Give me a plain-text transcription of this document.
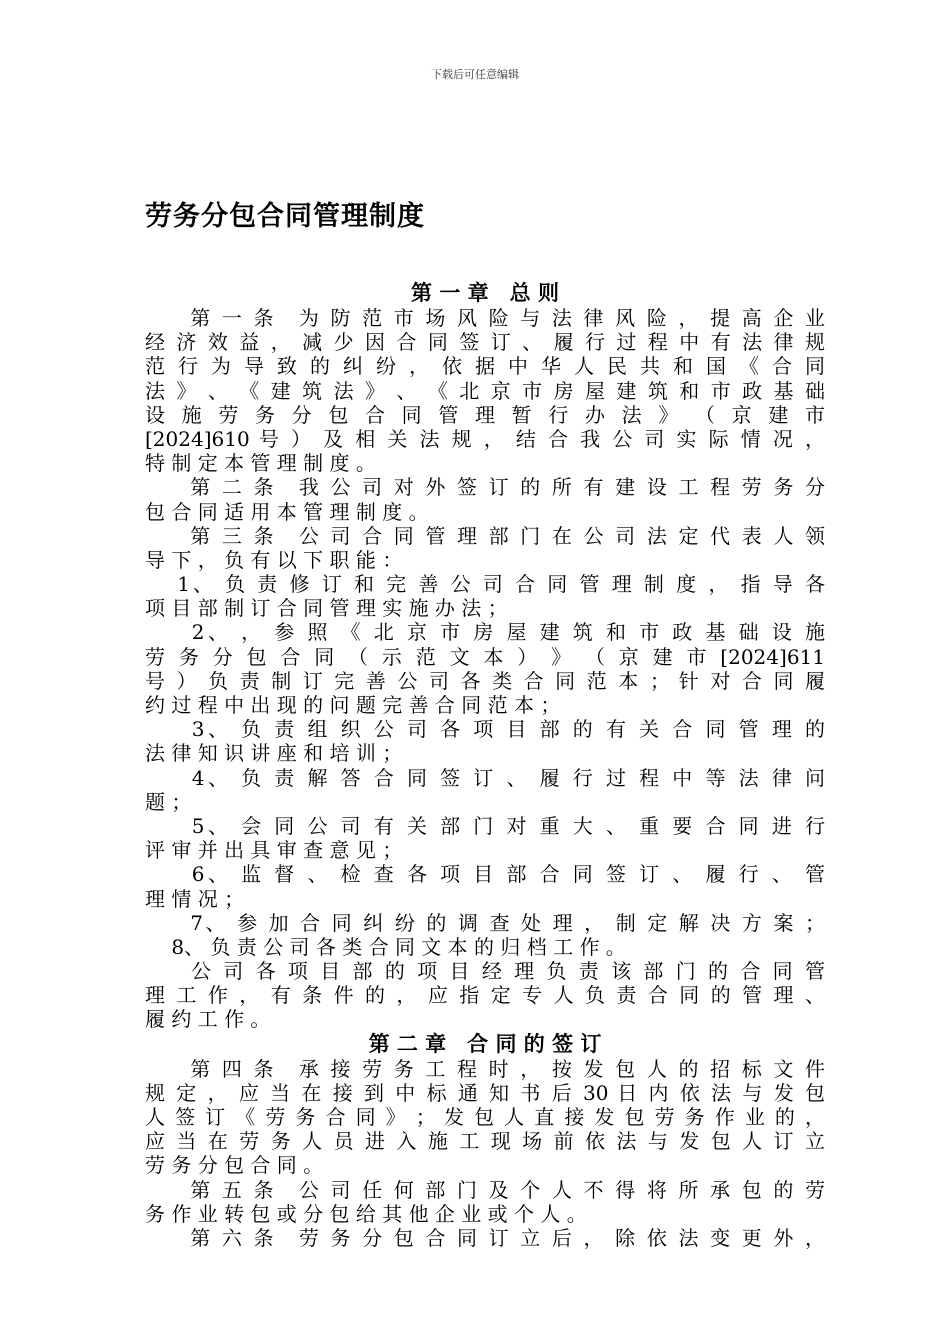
下载后可任意编辑
劳务分包合同管理制度
第 一 章　总 则
　　第 一 条　为 防 范 市 场 风 险 与 法 律 风 险 ， 提 高 企 业
经 济 效 益 ， 减 少 因 合 同 签 订 、 履 行 过 程 中 有 法 律 规
范 行 为 导 致 的 纠 纷 ， 依 据 中 华 人 民 共 和 国 《 合 同
法 》 、 《 建 筑 法 》 、 《 北 京 市 房 屋 建 筑 和 市 政 基 础
设 施 劳 务 分 包 合 同 管 理 暂 行 办 法 》 （ 京 建 市
[2024]610 号 ） 及 相 关 法 规 ， 结 合 我 公 司 实 际 情 况 ，
特 制 定 本 管 理 制 度 。
　　第 二 条　我 公 司 对 外 签 订 的 所 有 建 设 工 程 劳 务 分
包 合 同 适 用 本 管 理 制 度 。
　　第 三 条　公 司 合 同 管 理 部 门 在 公 司 法 定 代 表 人 领
导 下 ， 负 有 以 下 职 能 ：
　 1、 负 责 修 订 和 完 善 公 司 合 同 管 理 制 度 ， 指 导 各
项 目 部 制 订 合 同 管 理 实 施 办 法 ；
　　2、 ， 参 照 《 北 京 市 房 屋 建 筑 和 市 政 基 础 设 施
劳 务 分 包 合 同 （ 示 范 文 本 ） 》 （ 京 建 市 [2024]611
号 ） 负 责 制 订 完 善 公 司 各 类 合 同 范 本 ； 针 对 合 同 履
约 过 程 中 出 现 的 问 题 完 善 合 同 范 本 ；
　　3、 负 责 组 织 公 司 各 项 目 部 的 有 关 合 同 管 理 的
法 律 知 识 讲 座 和 培 训 ；
　　4、 负 责 解 答 合 同 签 订 、 履 行 过 程 中 等 法 律 问
题 ；
　　5、 会 同 公 司 有 关 部 门 对 重 大 、 重 要 合 同 进 行
评 审 并 出 具 审 查 意 见 ；
　　6、 监 督 、 检 查 各 项 目 部 合 同 签 订 、 履 行 、 管
理 情 况 ；
　　7、 参 加 合 同 纠 纷 的 调 查 处 理 ， 制 定 解 决 方 案 ；
　 8、 负 责 公 司 各 类 合 同 文 本 的 归 档 工 作 。
　　公 司 各 项 目 部 的 项 目 经 理 负 责 该 部 门 的 合 同 管
理 工 作 ， 有 条 件 的 ， 应 指 定 专 人 负 责 合 同 的 管 理 、
履 约 工 作 。
第 二 章　合 同 的 签 订
　　第 四 条　承 接 劳 务 工 程 时 ， 按 发 包 人 的 招 标 文 件
规 定 ， 应 当 在 接 到 中 标 通 知 书 后 30 日 内 依 法 与 发 包
人 签 订 《 劳 务 合 同 》 ； 发 包 人 直 接 发 包 劳 务 作 业 的 ，
应 当 在 劳 务 人 员 进 入 施 工 现 场 前 依 法 与 发 包 人 订 立
劳 务 分 包 合 同 。
　　第 五 条　公 司 任 何 部 门 及 个 人 不 得 将 所 承 包 的 劳
务 作 业 转 包 或 分 包 给 其 他 企 业 或 个 人 。
　　第 六 条　劳 务 分 包 合 同 订 立 后 ， 除 依 法 变 更 外 ，
